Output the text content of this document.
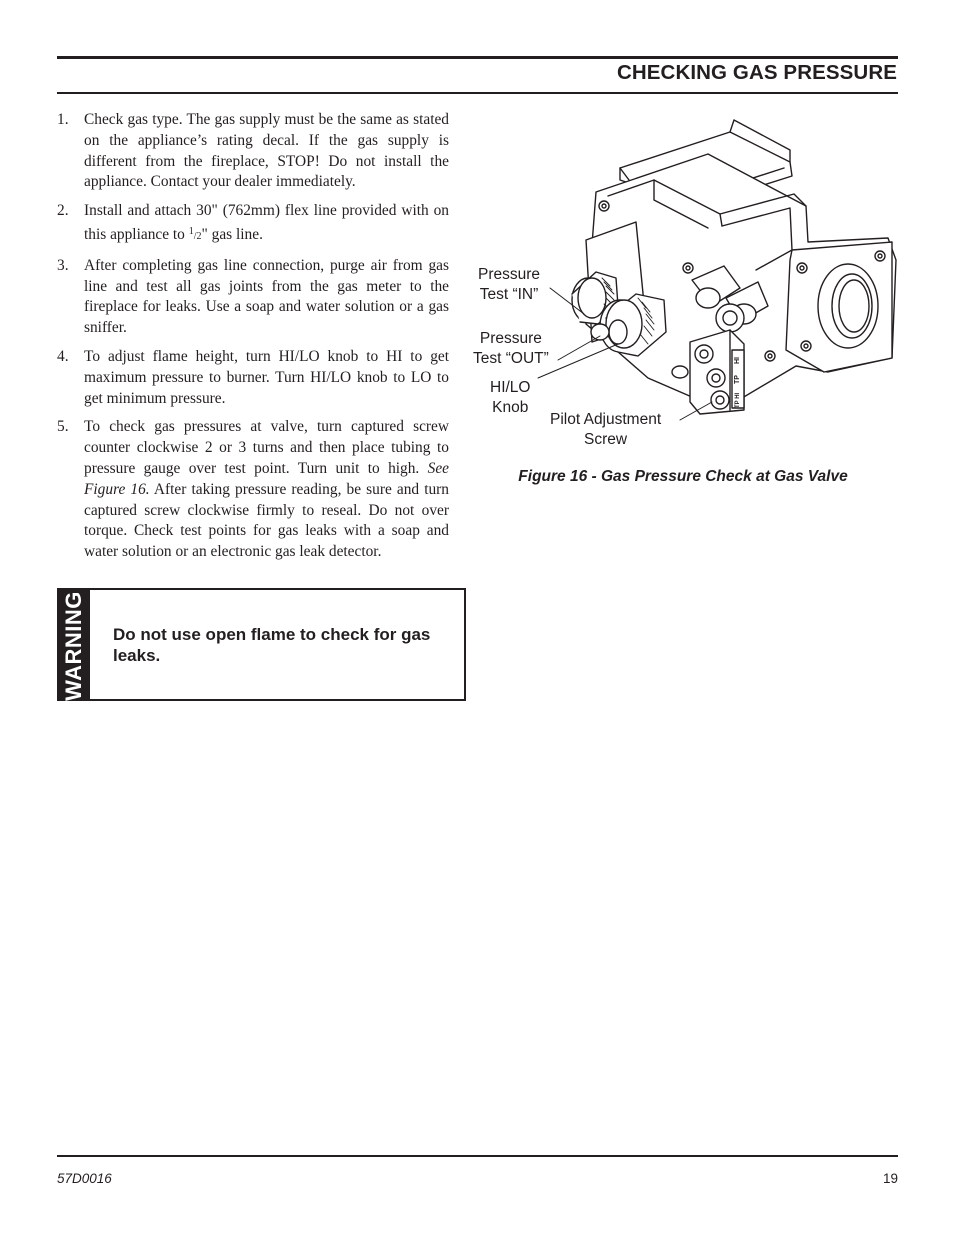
CHECKING GAS PRESSURE
1. Check gas type. The gas supply must be the same as stated on the appliance’s rating decal. If the gas supply is different from the fireplace, STOP! Do not install the appliance. Contact your dealer immediately.
2. Install and attach 30" (762mm) flex line provided with on this appliance to $^1$/2" gas line.
3. After completing gas line connection, purge air from gas line and test all gas joints from the gas meter to the fireplace for leaks. Use a soap and water solution or a gas sniffer.
4. To adjust flame height, turn HI/LO knob to HI to get maximum pressure to burner. Turn HI/LO knob to LO to get minimum pressure.
5. To check gas pressures at valve, turn captured screw counter clockwise 2 or 3 turns and then place tubing to pressure gauge over test point. Turn unit to high. See Figure 16. After taking pressure reading, be sure and turn captured screw clockwise firmly to reseal. Do not over torque. Check test points for gas leaks with a soap and water solution or an electronic gas leak detector.
WARNING Do not use open flame to check for gas leaks.
HI
TP
TP HI
Pressure
Test “IN”
Pressure
Test “OUT”
HI/LO
Knob
Pilot Adjustment
Screw
Figure 16 - Gas Pressure Check at Gas Valve
57D0016	19
